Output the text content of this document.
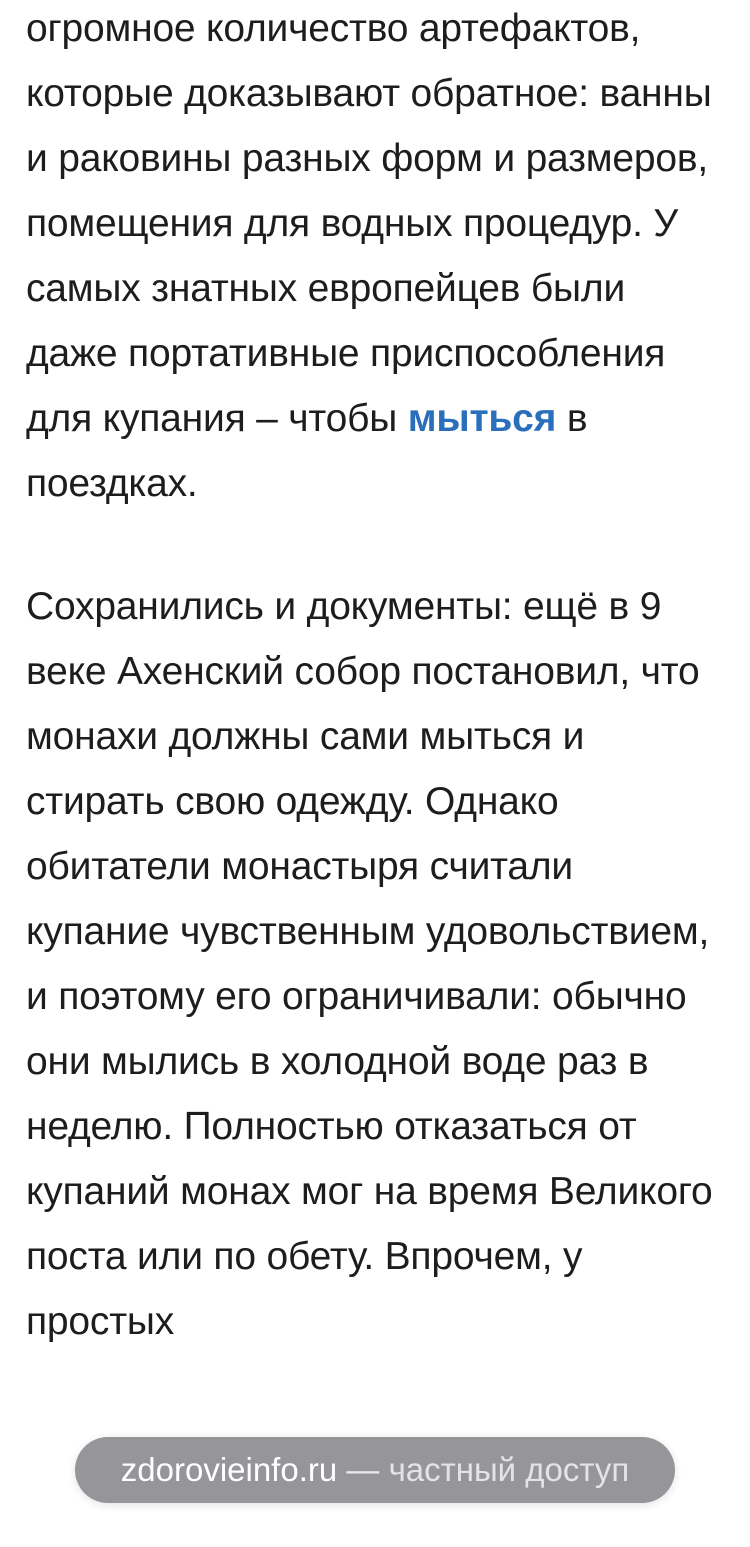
огромное количество артефактов, которые доказывают обратное: ванны и раковины разных форм и размеров, помещения для водных процедур. У самых знатных европейцев были даже портативные приспособления для купания – чтобы мыться в поездках.

Сохранились и документы: ещё в 9 веке Ахенский собор постановил, что монахи должны сами мыться и стирать свою одежду. Однако обитатели монастыря считали купание чувственным удовольствием, и поэтому его ограничивали: обычно они мылись в холодной воде раз в неделю. Полностью отказаться от купаний монах мог на время Великого поста или по обету. Впрочем, у простых

zdorovieinfo.ru — частный доступ
